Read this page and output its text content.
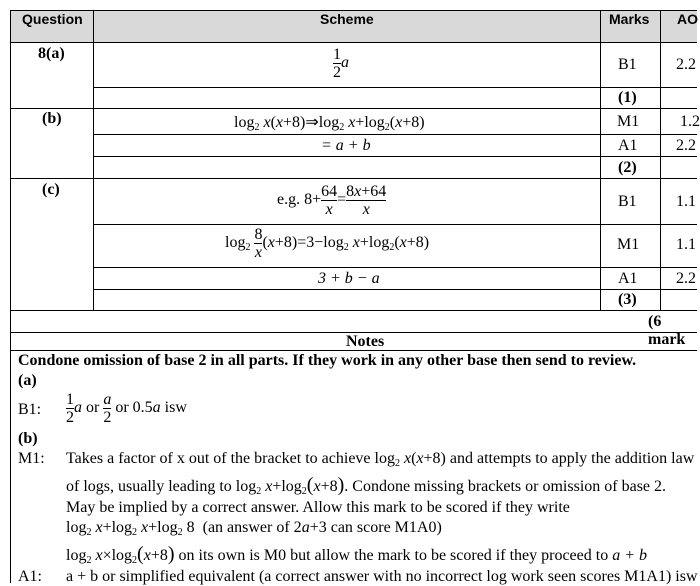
Question	Scheme	Marks AO
8(a)	$\frac{1}{2}$ a	B1 2.2
(1)
(b)	$\log_2$ $x(x+8)\Rightarrow\log_2$ $x+\log_2(x+8)$	M1	1.2
= a + b	A1 2.2
(2)
(c)
e.g. $8+ \frac{64}{x} = \frac{8x+64}{x}$	B1 1.1
$\log_2 \frac{8}{x} (x+8)=3-\log_2$ $x+\log_2(x+8)$	M1 1.1
3 + b − a	A1 2.2
(3)
(6 mark
Notes
Condone omission of base 2 in all parts. If they work in any other base then send to review.
(a)
B1: $\frac{1}{2}$ a or $\frac{a}{2}$ or 0.5a isw
(b)
M1: Takes a factor of x out of the bracket to achieve $\log_2 x(x+8)$ and attempts to apply the addition law
of logs, usually leading to $\log_2 x+\log_2(x+8)$. Condone missing brackets or omission of base 2.
May be implied by a correct answer. Allow this mark to be scored if they write
$\log_2 x+\log_2$ $x+\log_2$ 8  (an answer of 2a+3 can score M1A0)
$\log_2 x\times\log_2(x+8)$ on its own is M0 but allow the mark to be scored if they proceed to a + b
A1: a + b or simplified equivalent (a correct answer with no incorrect log work seen scores M1A1) isw
